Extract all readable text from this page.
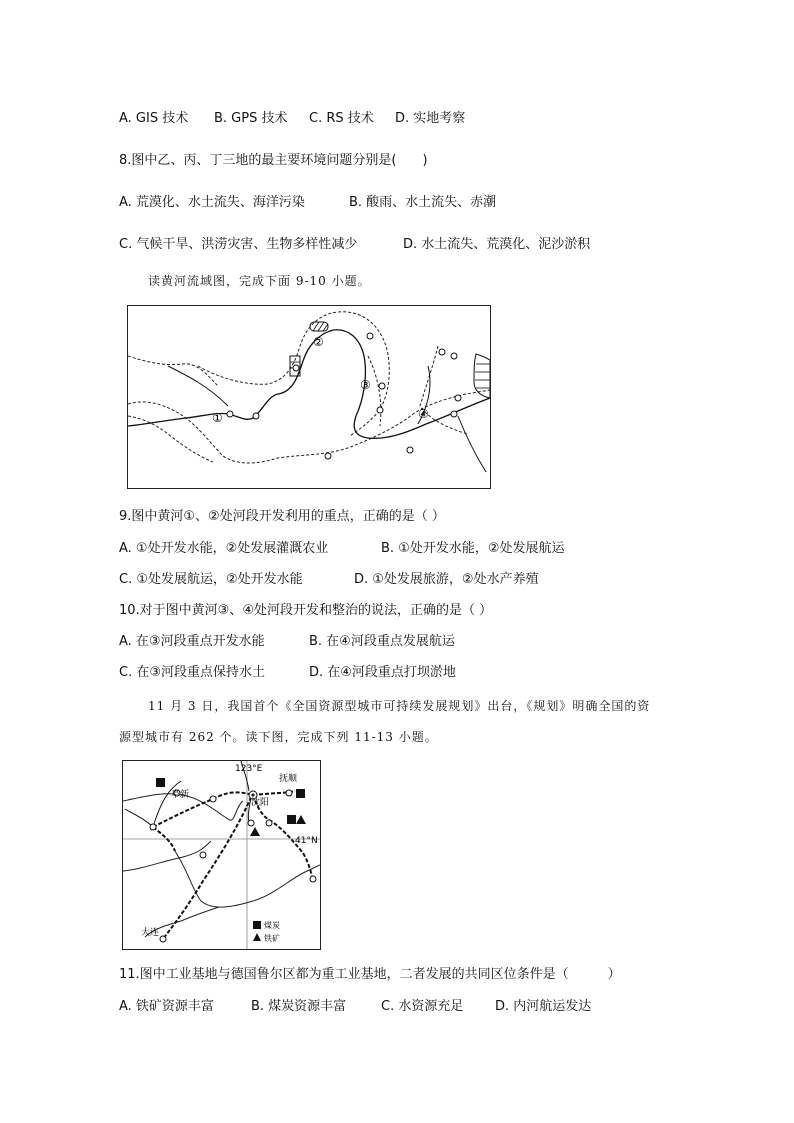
A. GIS 技术 B. GPS 技术 C. RS 技术 D. 实地考察
8.图中乙、丙、丁三地的最主要环境问题分别是(　　)
A. 荒漠化、水土流失、海洋污染	B. 酸雨、水土流失、赤潮
C. 气候干旱、洪涝灾害、生物多样性减少	D. 水土流失、荒漠化、泥沙淤积
读黄河流域图，完成下面 9-10 小题。
①
②
③
④
9.图中黄河①、②处河段开发利用的重点，正确的是（ ）
A. ①处开发水能，②处发展灌溉农业	B. ①处开发水能，②处发展航运
C. ①处发展航运，②处开发水能	D. ①处发展旅游，②处水产养殖
10.对于图中黄河③、④处河段开发和整治的说法，正确的是（ ）
A. 在③河段重点开发水能	B. 在④河段重点发展航运
C. 在③河段重点保持水土	D. 在④河段重点打坝淤地
11 月 3 日，我国首个《全国资源型城市可持续发展规划》出台，《规划》明确全国的资
源型城市有 262 个。读下图，完成下列 11-13 小题。
123°E
41°N
阜新
抚顺
沈阳
大连
煤炭
铁矿
11.图中工业基地与德国鲁尔区都为重工业基地，二者发展的共同区位条件是（　　　）
A. 铁矿资源丰富	B. 煤炭资源丰富	C. 水资源充足 D. 内河航运发达
